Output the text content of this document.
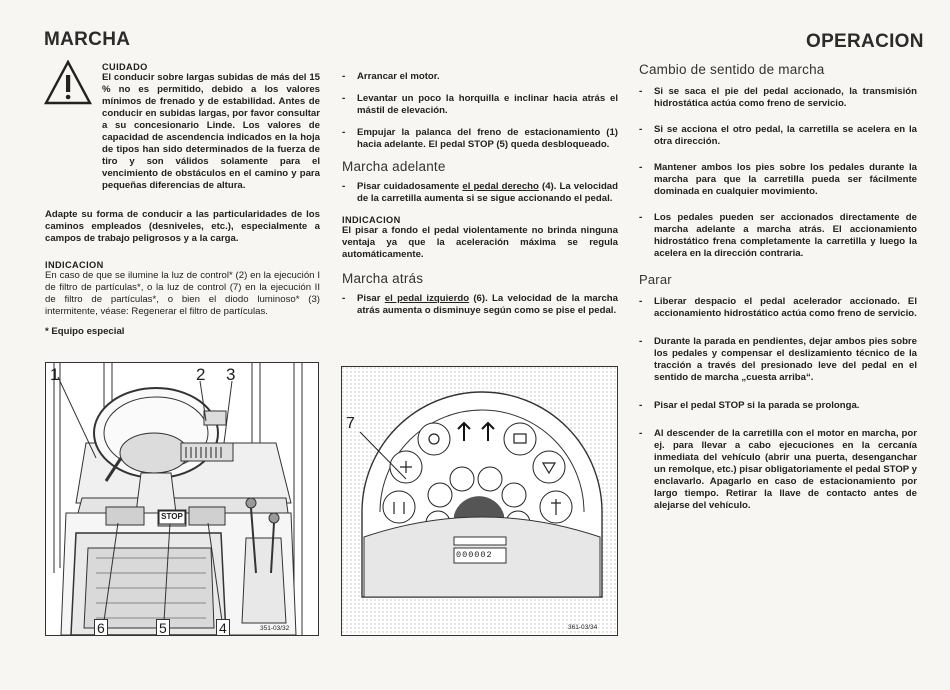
MARCHA	OPERACION
CUIDADO
El conducir sobre largas subidas de más del 15 % no es permitido, debido a los valores mínimos de frenado y de estabilidad. Antes de conducir en subidas largas, por favor consultar a su concesionario Linde. Los valores de capacidad de ascendencia indicados en la hoja de tipos han sido determinados de la fuerza de tiro y son válidos solamente para el vencimiento de obstáculos en el camino y para pequeñas diferencias de altura.
Adapte su forma de conducir a las particularidades de los caminos empleados (desniveles, etc.), especialmente a campos de trabajo peligrosos y a la carga.
INDICACION
En caso de que se ilumine la luz de control* (2) en la ejecución I de filtro de partículas*, o la luz de control (7) en la ejecución II de filtro de partículas*, o bien el diodo luminoso* (3) intermitente, véase: Regenerar el filtro de partículas.
* Equipo especial
-	Arrancar el motor.
-	Levantar un poco la horquilla e inclinar hacia atrás el mástil de elevación.
-	Empujar la palanca del freno de estacionamiento (1) hacia adelante. El pedal STOP (5) queda desbloqueado.
Marcha adelante
-	Pisar cuidadosamente el pedal derecho (4). La velocidad de la carretilla aumenta si se sigue accionando el pedal.
INDICACION
El pisar a fondo el pedal violentamente no brinda ninguna ventaja ya que la aceleración máxima se regula automáticamente.
Marcha atrás
-	Pisar el pedal izquierdo (6). La velocidad de la marcha atrás aumenta o disminuye según como se pise el pedal.
Cambio de sentido de marcha
-	Si se saca el pie del pedal accionado, la transmisión hidrostática actúa como freno de servicio.
-	Si se acciona el otro pedal, la carretilla se acelera en la otra dirección.
-	Mantener ambos los pies sobre los pedales durante la marcha para que la carretilla pueda ser fácilmente dominada en cualquier movimiento.
-	Los pedales pueden ser accionados directamente de marcha adelante a marcha atrás. El accionamiento hidrostático frena completamente la carretilla y luego la acelera en la dirección contraria.
Parar
-	Liberar despacio el pedal acelerador accionado. El accionamiento hidrostático actúa como freno de servicio.
-	Durante la parada en pendientes, dejar ambos pies sobre los pedales y compensar el deslizamiento técnico de la tracción a través del presionado leve del pedal en el sentido de marcha „cuesta arriba“.
-	Pisar el pedal STOP si la parada se prolonga.
-	Al descender de la carretilla con el motor en marcha, por ej. para llevar a cabo ejecuciones en la cercanía inmediata del vehículo (abrir una puerta, desenganchar un remolque, etc.) pisar obligatoriamente el pedal STOP y enclavarlo. Apagarlo en caso de estacionamiento por largo tiempo. Retirar la llave de contacto antes de alejarse del vehículo.
STOP
1	2 3
6	5	4	351-03/32
7
000002
361-03/34
